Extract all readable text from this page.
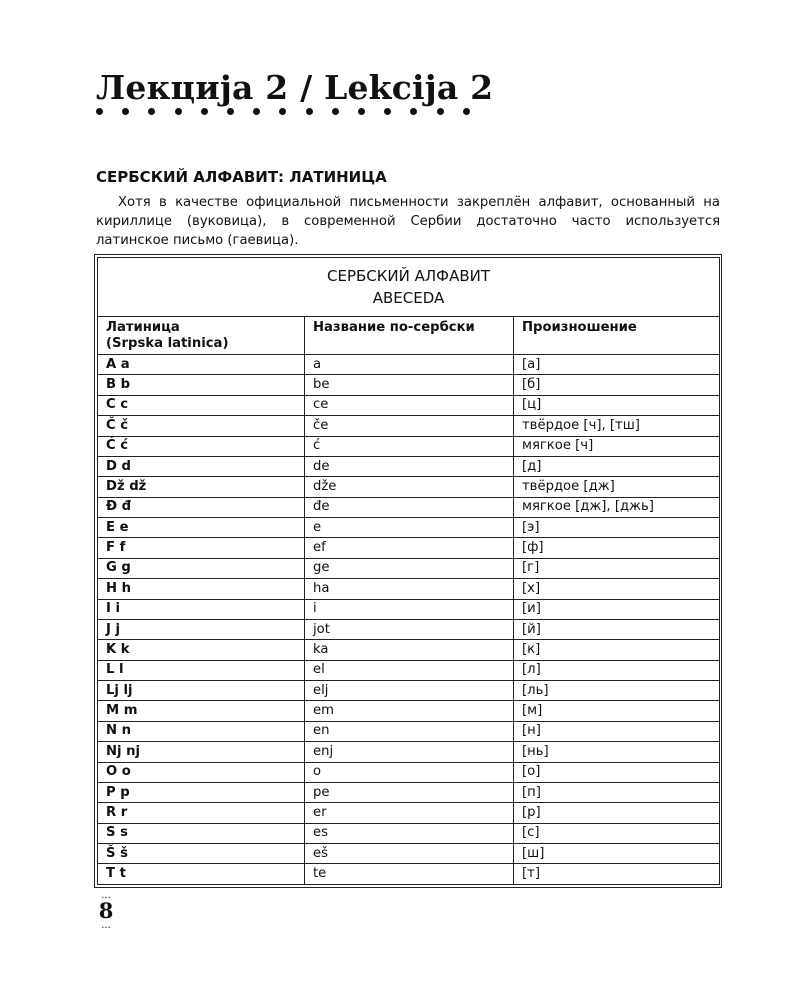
Лекција 2 / Lekcija 2
СЕРБСКИЙ АЛФАВИТ: ЛАТИНИЦА

Хотя в качестве официальной письменности закреплён алфавит, основанный на кириллице (вуковица), в современной Сербии достаточно часто используется латинское письмо (гаевица).

СЕРБСКИЙ АЛФАВИТ
ABECEDA		

Латиница
(Srpska latinica)	Название по-сербски	Произношение
A a	a	[а]
B b	be	[б]
C c	ce	[ц]
Č č	če	твёрдое [ч], [тш]
Ć ć	ć	мягкое [ч]
D d	de	[д]
Dž dž	dže	твёрдое [дж]
Đ đ	đe	мягкое [дж], [джь]
E e	e	[э]
F f	ef	[ф]
G g	ge	[г]
H h	ha	[х]
I i	i	[и]
J j	jot	[й]
K k	ka	[к]
L l	el	[л]
Lj lj	elj	[ль]
M m	em	[м]
N n	en	[н]
Nj nj	enj	[нь]
O o	o	[о]
P p	pe	[п]
R r	er	[р]
S s	es	[с]
Š š	eš	[ш]
T t	te	[т]
...
8
...
